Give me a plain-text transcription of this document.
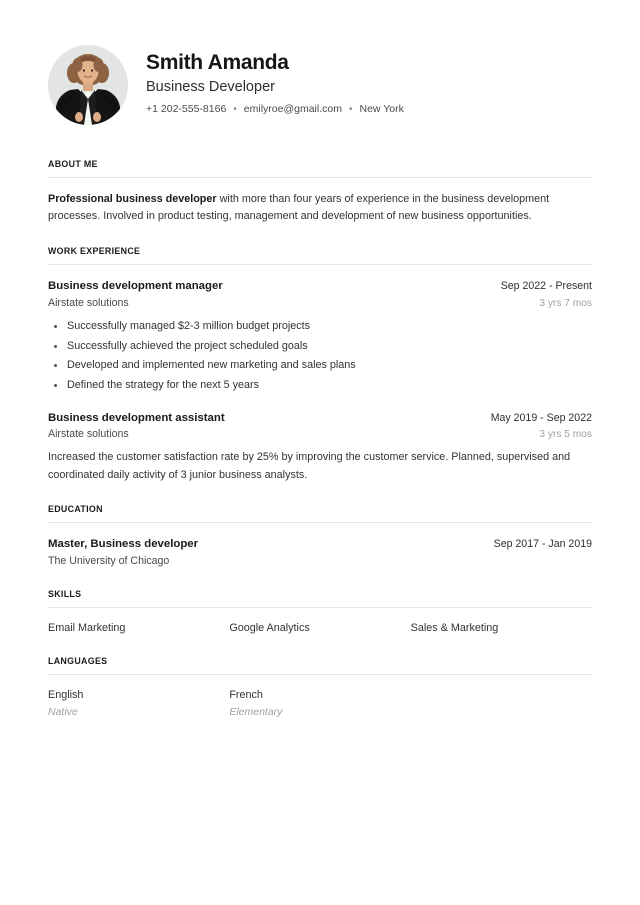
Smith Amanda
Business Developer
+1 202-555-8166 • emilyroe@gmail.com • New York
ABOUT ME

Professional business developer with more than four years of experience in the business development processes. Involved in product testing, management and development of new business opportunities.

WORK EXPERIENCE
Business development manager	Sep 2022 - Present
Airstate solutions	3 yrs 7 mos
Successfully managed $2-3 million budget projects
Successfully achieved the project scheduled goals
Developed and implemented new marketing and sales plans
Defined the strategy for the next 5 years
Business development assistant	May 2019 - Sep 2022
Airstate solutions	3 yrs 5 mos

Increased the customer satisfaction rate by 25% by improving the customer service. Planned, supervised and coordinated daily activity of 3 junior business analysts.

EDUCATION
Master, Business developer	Sep 2017 - Jan 2019
The University of Chicago
SKILLS
Email Marketing	Google Analytics	Sales & Marketing
LANGUAGES
English
Native
French
Elementary
